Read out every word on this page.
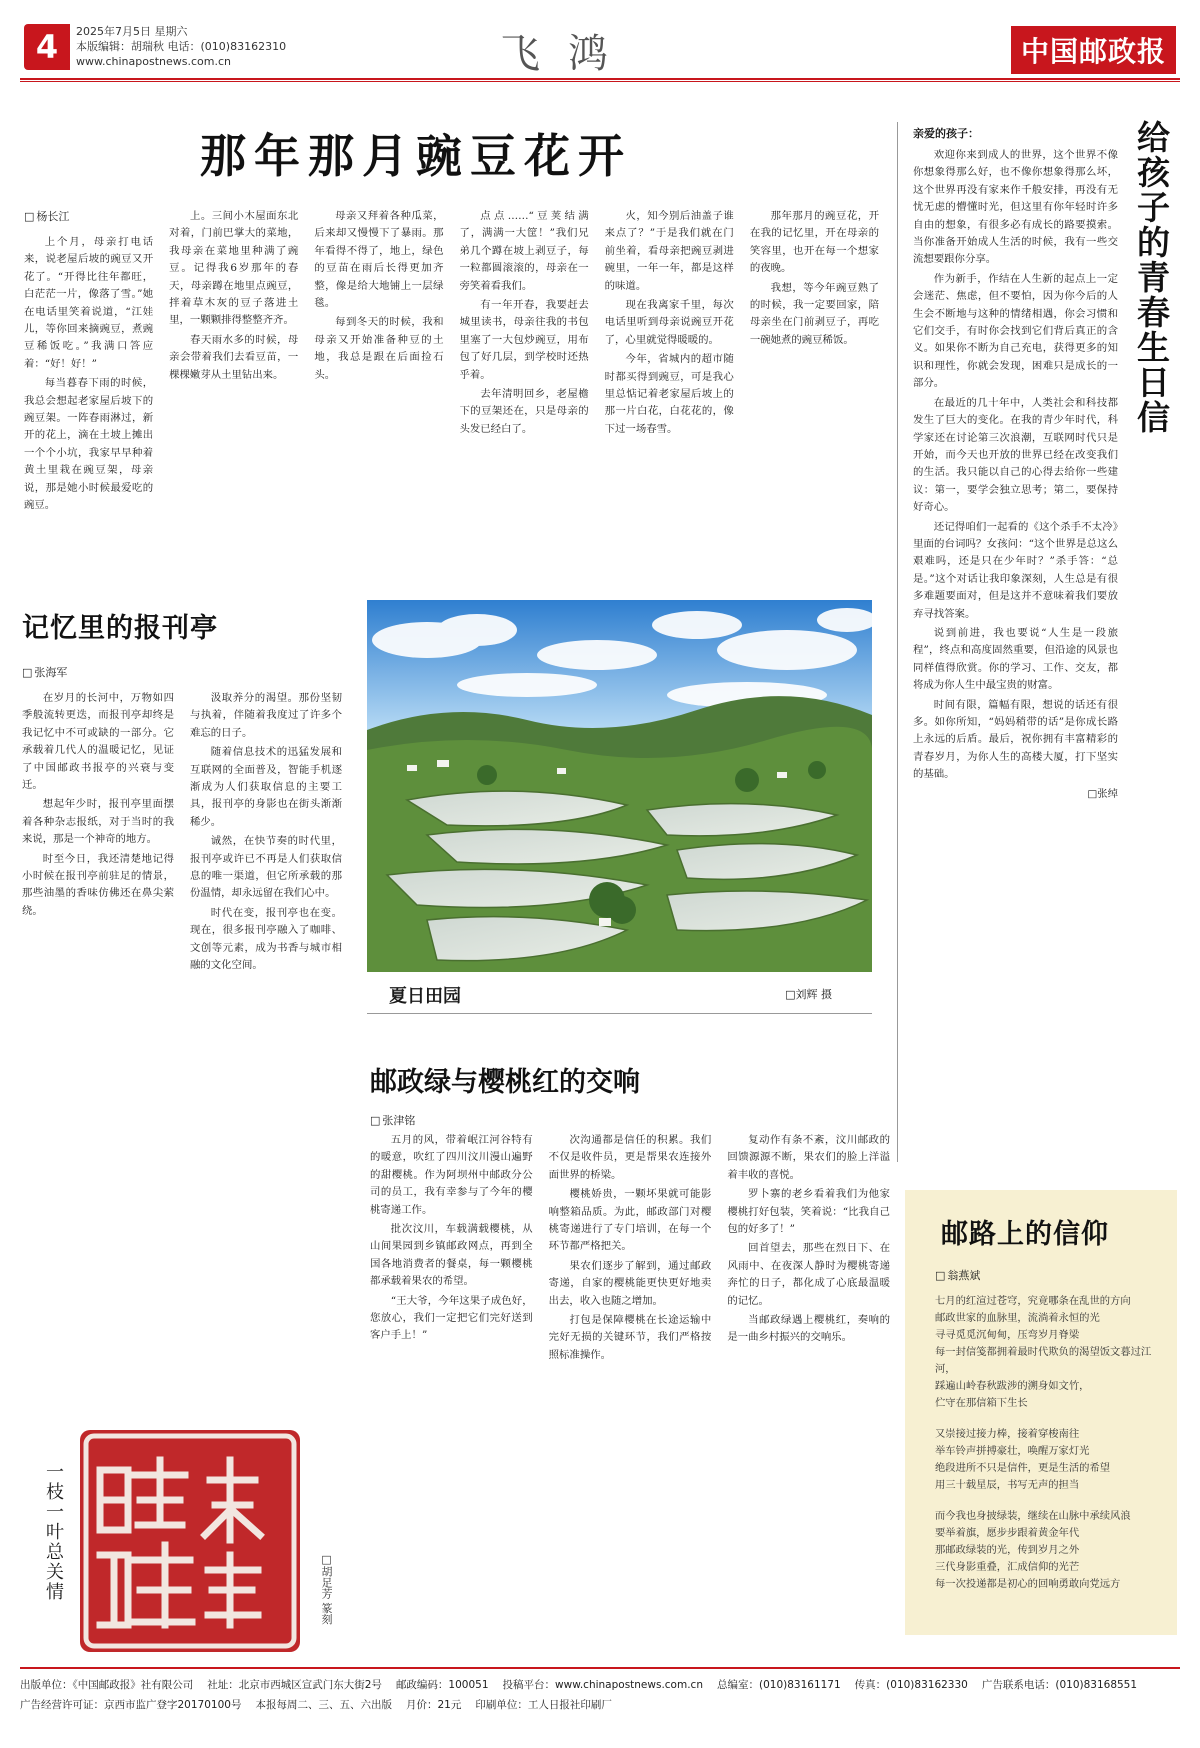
4	2025年7月5日 星期六
本版编辑：胡瑞秋 电话：(010)83162310
www.chinapostnews.com.cn	飞鸿	中国邮政报
那年那月豌豆花开
□ 杨长江

上个月，母亲打电话来，说老屋后坡的豌豆又开花了。“开得比往年都旺，白茫茫一片，像落了雪。”她在电话里笑着说道，“江娃儿，等你回来摘豌豆，煮豌豆稀饭吃。”我满口答应着：“好！好！”

每当暮春下雨的时候，我总会想起老家屋后坡下的豌豆架。一阵春雨淋过，新开的花上，滴在土坡上摊出一个个小坑，我家早早种着黄土里栽在豌豆架，母亲说，那是她小时候最爱吃的豌豆。

上。三间小木屋面东北对着，门前巴掌大的菜地，我母亲在菜地里种满了豌豆。记得我6岁那年的春天，母亲蹲在地里点豌豆，拌着草木灰的豆子落进土里，一颗颗排得整整齐齐。

春天雨水多的时候，母亲会带着我们去看豆苗，一棵棵嫩芽从土里钻出来。

母亲又拜着各种瓜菜，后来却又慢慢下了暴雨。那年看得不得了，地上，绿色的豆苗在雨后长得更加齐整，像是给大地铺上一层绿毯。

每到冬天的时候，我和母亲又开始准备种豆的土地，我总是跟在后面捡石头。

点点……“豆荚结满了，满满一大筐！”我们兄弟几个蹲在坡上剥豆子，每一粒都圆滚滚的，母亲在一旁笑着看我们。

有一年开春，我要赶去城里读书，母亲往我的书包里塞了一大包炒豌豆，用布包了好几层，到学校时还热乎着。

去年清明回乡，老屋檐下的豆架还在，只是母亲的头发已经白了。

火，知今别后油盖子谁来点了？”于是我们就在门前坐着，看母亲把豌豆剥进碗里，一年一年，都是这样的味道。

现在我离家千里，每次电话里听到母亲说豌豆开花了，心里就觉得暖暖的。

今年，省城内的超市随时都买得到豌豆，可是我心里总惦记着老家屋后坡上的那一片白花，白花花的，像下过一场春雪。

那年那月的豌豆花，开在我的记忆里，开在母亲的笑容里，也开在每一个想家的夜晚。

我想，等今年豌豆熟了的时候，我一定要回家，陪母亲坐在门前剥豆子，再吃一碗她煮的豌豆稀饭。

亲爱的孩子：

欢迎你来到成人的世界，这个世界不像你想象得那么好，也不像你想象得那么坏，这个世界再没有家来作千般安排，再没有无忧无虑的懵懂时光，但这里有你年轻时许多自由的想象，有很多必有成长的路要摸索。当你准备开始成人生活的时候，我有一些交流想要跟你分享。

作为新手，作结在人生新的起点上一定会迷茫、焦虑，但不要怕，因为你今后的人生会不断地与这种的情绪相遇，你会习惯和它们交手，有时你会找到它们背后真正的含义。如果你不断为自己充电，获得更多的知识和理性，你就会发现，困难只是成长的一部分。

在最近的几十年中，人类社会和科技都发生了巨大的变化。在我的青少年时代，科学家还在讨论第三次浪潮，互联网时代只是开始，而今天也开放的世界已经在改变我们的生活。我只能以自己的心得去给你一些建议：第一，要学会独立思考；第二，要保持好奇心。

还记得咱们一起看的《这个杀手不太冷》里面的台词吗？女孩问：“这个世界是总这么艰难吗，还是只在少年时？”杀手答：“总是。”这个对话让我印象深刻，人生总是有很多难题要面对，但是这并不意味着我们要放弃寻找答案。

说到前进，我也要说“人生是一段旅程”，终点和高度固然重要，但沿途的风景也同样值得欣赏。你的学习、工作、交友，都将成为你人生中最宝贵的财富。

时间有限，篇幅有限，想说的话还有很多。如你所知，“妈妈稍带的话”是你成长路上永远的后盾。最后，祝你拥有丰富精彩的青春岁月，为你人生的高楼大厦，打下坚实的基础。

□张绰

给孩子的青春生日信
记忆里的报刊亭
□ 张海军

在岁月的长河中，万物如四季般流转更迭，而报刊亭却终是我记忆中不可或缺的一部分。它承载着几代人的温暖记忆，见证了中国邮政书报亭的兴衰与变迁。

想起年少时，报刊亭里面摆着各种杂志报纸，对于当时的我来说，那是一个神奇的地方。

时至今日，我还清楚地记得小时候在报刊亭前驻足的情景，那些油墨的香味仿佛还在鼻尖萦绕。

汲取养分的渴望。那份坚韧与执着，伴随着我度过了许多个难忘的日子。

随着信息技术的迅猛发展和互联网的全面普及，智能手机逐渐成为人们获取信息的主要工具，报刊亭的身影也在街头渐渐稀少。

诚然，在快节奏的时代里，报刊亭或许已不再是人们获取信息的唯一渠道，但它所承载的那份温情，却永远留在我们心中。

时代在变，报刊亭也在变。现在，很多报刊亭融入了咖啡、文创等元素，成为书香与城市相融的文化空间。

夏日田园	□ 刘辉 摄
邮政绿与樱桃红的交响
□ 张津铭

五月的风，带着岷江河谷特有的暖意，吹红了四川汶川漫山遍野的甜樱桃。作为阿坝州中邮政分公司的员工，我有幸参与了今年的樱桃寄递工作。

批次汶川，车载满载樱桃，从山间果园到乡镇邮政网点，再到全国各地消费者的餐桌，每一颗樱桃都承载着果农的希望。

“王大爷，今年这果子成色好，您放心，我们一定把它们完好送到客户手上！”

次沟通都是信任的积累。我们不仅是收件员，更是帮果农连接外面世界的桥梁。

樱桃娇贵，一颗坏果就可能影响整箱品质。为此，邮政部门对樱桃寄递进行了专门培训，在每一个环节都严格把关。

果农们逐步了解到，通过邮政寄递，自家的樱桃能更快更好地卖出去，收入也随之增加。

打包是保障樱桃在长途运输中完好无损的关键环节，我们严格按照标准操作。

复动作有条不紊，汶川邮政的回馈源源不断，果农们的脸上洋溢着丰收的喜悦。

罗卜寨的老乡看着我们为他家樱桃打好包装，笑着说：“比我自己包的好多了！”

回首望去，那些在烈日下、在风雨中、在夜深人静时为樱桃寄递奔忙的日子，都化成了心底最温暖的记忆。

当邮政绿遇上樱桃红，奏响的是一曲乡村振兴的交响乐。

邮路上的信仰
□ 翁燕斌
七月的红渲过苍穹，究竟哪条在乱世的方向
邮政世家的血脉里，流淌着永恒的光
寻寻觅觅沉甸甸，压弯岁月脊梁
每一封信笺都拥着最时代欺负的渴望饭文暮过江河，
踩遍山岭春秋跋涉的溯身如文竹，
伫守在那信箱下生长
又崇接过接力棒，接着穿梭南往
举车铃声拼搏豪壮，唤醒万家灯光
绝段进所不只是信件，更是生活的希望
用三十载星辰，书写无声的担当
而今我也身披绿装，继续在山脉中承续风浪
要举着旗，愿步步跟着黄金年代
那邮政绿装的光，传到岁月之外
三代身影重叠，汇成信仰的光芒
每一次投递都是初心的回响勇敢向党远方
一枝一叶总关情	□ 胡足芳 篆刻
出版单位：《中国邮政报》社有限公司 社址：北京市西城区宣武门东大街2号 邮政编码：100051 投稿平台：www.chinapostnews.com.cn 总编室：(010)83161171 传真：(010)83162330 广告联系电话：(010)83168551
广告经营许可证：京西市监广登字20170100号 本报每周二、三、五、六出版 月价：21元 印刷单位：工人日报社印刷厂
